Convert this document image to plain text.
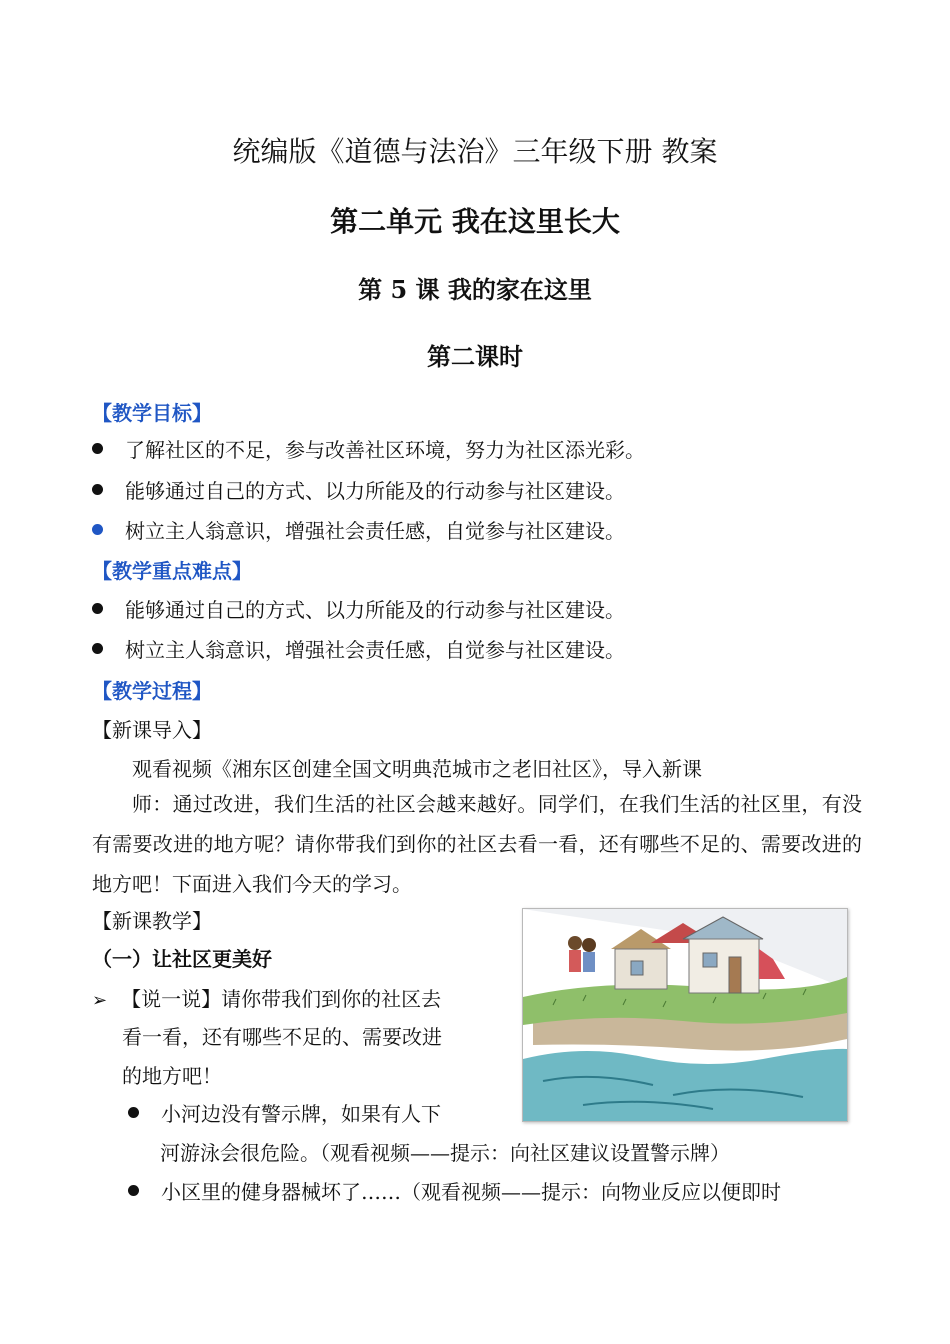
统编版《道德与法治》三年级下册 教案
第二单元 我在这里长大
第 5 课 我的家在这里
第二课时
【教学目标】
了解社区的不足，参与改善社区环境，努力为社区添光彩。
能够通过自己的方式、以力所能及的行动参与社区建设。
树立主人翁意识，增强社会责任感，自觉参与社区建设。
【教学重点难点】
能够通过自己的方式、以力所能及的行动参与社区建设。
树立主人翁意识，增强社会责任感，自觉参与社区建设。
【教学过程】
【新课导入】
观看视频《湘东区创建全国文明典范城市之老旧社区》，导入新课
师：通过改进，我们生活的社区会越来越好。同学们，在我们生活的社区里，有没有需要改进的地方呢？请你带我们到你的社区去看一看，还有哪些不足的、需要改进的地方吧！下面进入我们今天的学习。
【新课教学】
（一）让社区更美好
➢ 【说一说】请你带我们到你的社区去
看一看，还有哪些不足的、需要改进
的地方吧！
小河边没有警示牌，如果有人下
河游泳会很危险。（观看视频——提示：向社区建议设置警示牌）
小区里的健身器械坏了……（观看视频——提示：向物业反应以便即时
